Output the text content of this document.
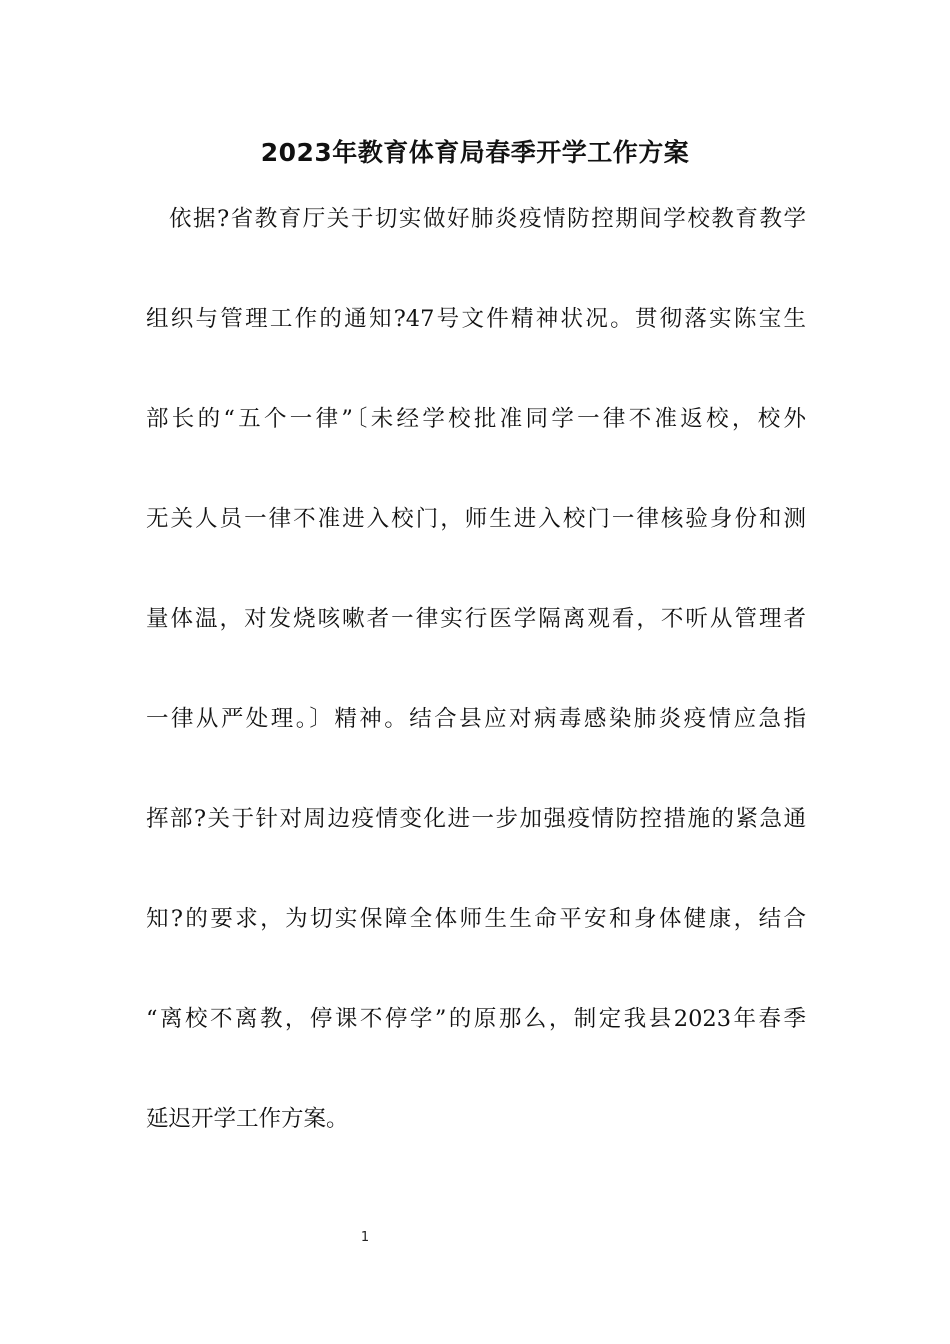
2023年教育体育局春季开学工作方案
依据?省教育厅关于切实做好肺炎疫情防控期间学校教育教学
组织与管理工作的通知?47号文件精神状况。贯彻落实陈宝生
部长的“五个一律”〔未经学校批准同学一律不准返校，校外
无关人员一律不准进入校门，师生进入校门一律核验身份和测
量体温，对发烧咳嗽者一律实行医学隔离观看，不听从管理者
一律从严处理。〕精神。结合县应对病毒感染肺炎疫情应急指
挥部?关于针对周边疫情变化进一步加强疫情防控措施的紧急通
知?的要求，为切实保障全体师生生命平安和身体健康，结合
“离校不离教，停课不停学”的原那么，制定我县2023年春季
延迟开学工作方案。
1
